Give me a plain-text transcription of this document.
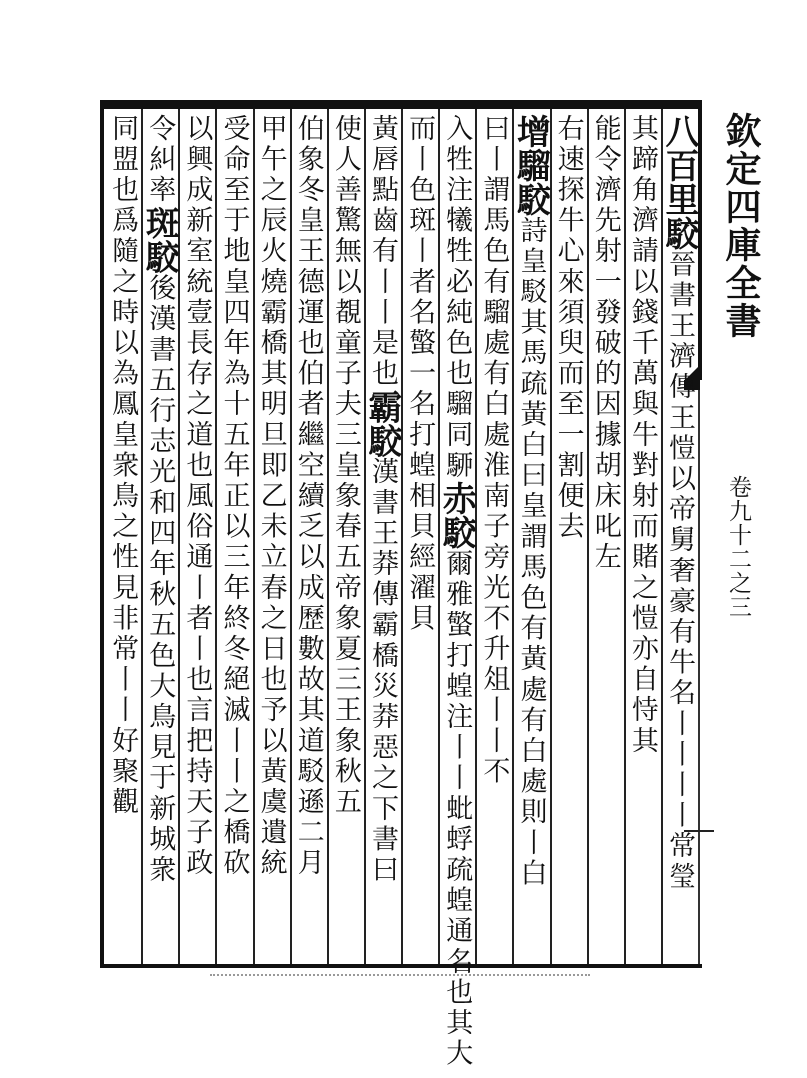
欽定四庫全書
卷九十二之三
八百里駮晉書王濟傳王愷以帝舅奢豪有牛名丨丨丨丨常瑩
其蹄角濟請以錢千萬與牛對射而賭之愷亦自恃其
能令濟先射一發破的因據胡床叱左
右速探牛心來須臾而至一割便去
增騮駮詩皇駁其馬疏黃白曰皇謂馬色有黃處有白處則丨白
曰丨謂馬色有騮處有白處淮南子旁光不升俎丨丨不
入牲注犧牲必純色也騮同駵赤駮爾雅蟼打蝗注丨丨蚍蜉疏蝗通名也其大
而丨色斑丨者名蟼一名打蝗相貝經濯貝
黃唇點齒有丨丨是也霸駮漢書王莽傳霸橋災莽惡之下書曰
使人善驚無以覩童子夫三皇象春五帝象夏三王象秋五
伯象冬皇王德運也伯者繼空續乏以成歷數故其道駁遜二月
甲午之辰火燒霸橋其明旦即乙未立春之日也予以黃虞遺統
受命至于地皇四年為十五年正以三年終冬絕滅丨丨之橋砍
以興成新室統壹長存之道也風俗通丨者丨也言把持天子政
令糾率斑駮後漢書五行志光和四年秋五色大鳥見于新城衆
同盟也爲隨之時以為鳳皇衆鳥之性見非常丨丨好聚觀
